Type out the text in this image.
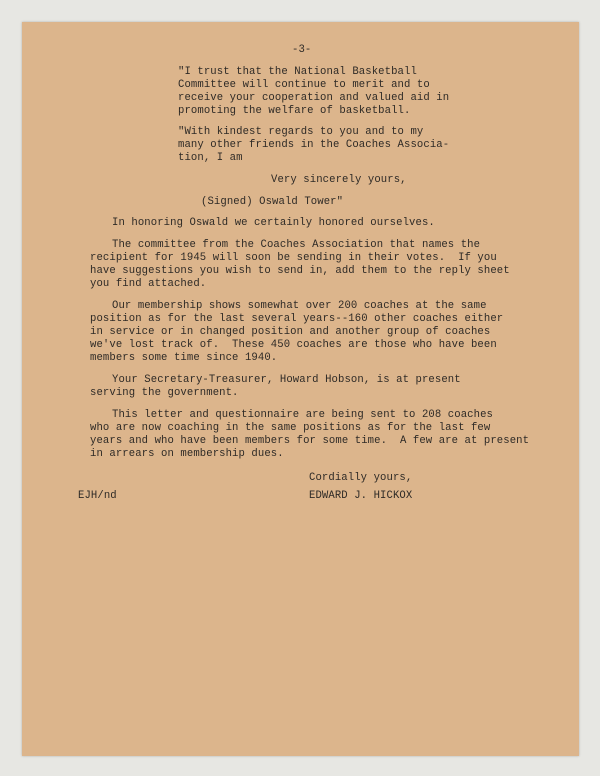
-3-
"I trust that the National Basketball
Committee will continue to merit and to
receive your cooperation and valued aid in
promoting the welfare of basketball.
"With kindest regards to you and to my
many other friends in the Coaches Associa-
tion, I am
Very sincerely yours,
(Signed) Oswald Tower"
In honoring Oswald we certainly honored ourselves.
The committee from the Coaches Association that names the
recipient for 1945 will soon be sending in their votes.  If you
have suggestions you wish to send in, add them to the reply sheet
you find attached.
Our membership shows somewhat over 200 coaches at the same
position as for the last several years--160 other coaches either
in service or in changed position and another group of coaches
we've lost track of.  These 450 coaches are those who have been
members some time since 1940.
Your Secretary-Treasurer, Howard Hobson, is at present
serving the government.
This letter and questionnaire are being sent to 208 coaches
who are now coaching in the same positions as for the last few
years and who have been members for some time.  A few are at present
in arrears on membership dues.
Cordially yours,
EJH/nd	EDWARD J. HICKOX
